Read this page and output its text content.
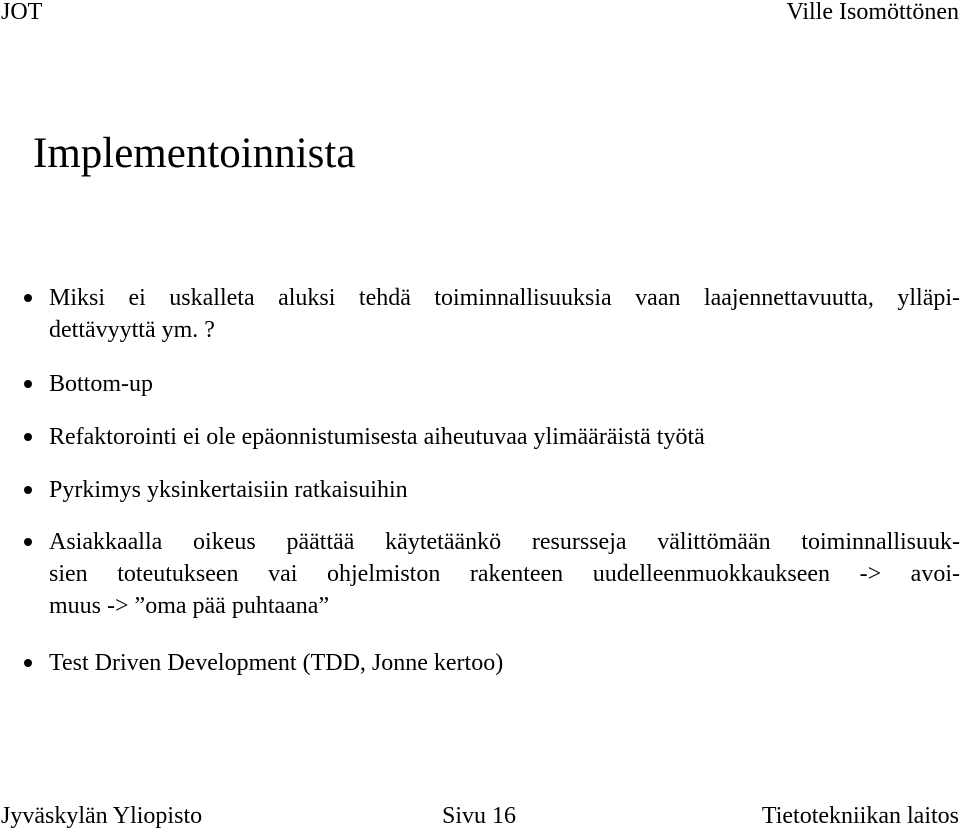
JOT	Ville Isomöttönen
Implementoinnista
Miksi ei uskalleta aluksi tehdä toiminnallisuuksia vaan laajennettavuutta, ylläpi-
dettävyyttä ym. ?
Bottom-up
Refaktorointi ei ole epäonnistumisesta aiheutuvaa ylimääräistä työtä
Pyrkimys yksinkertaisiin ratkaisuihin
Asiakkaalla oikeus päättää käytetäänkö resursseja välittömään toiminnallisuuk-
sien toteutukseen vai ohjelmiston rakenteen uudelleenmuokkaukseen -> avoi-
muus -> ”oma pää puhtaana”
Test Driven Development (TDD, Jonne kertoo)
Jyväskylän Yliopisto	Sivu 16	Tietotekniikan laitos
